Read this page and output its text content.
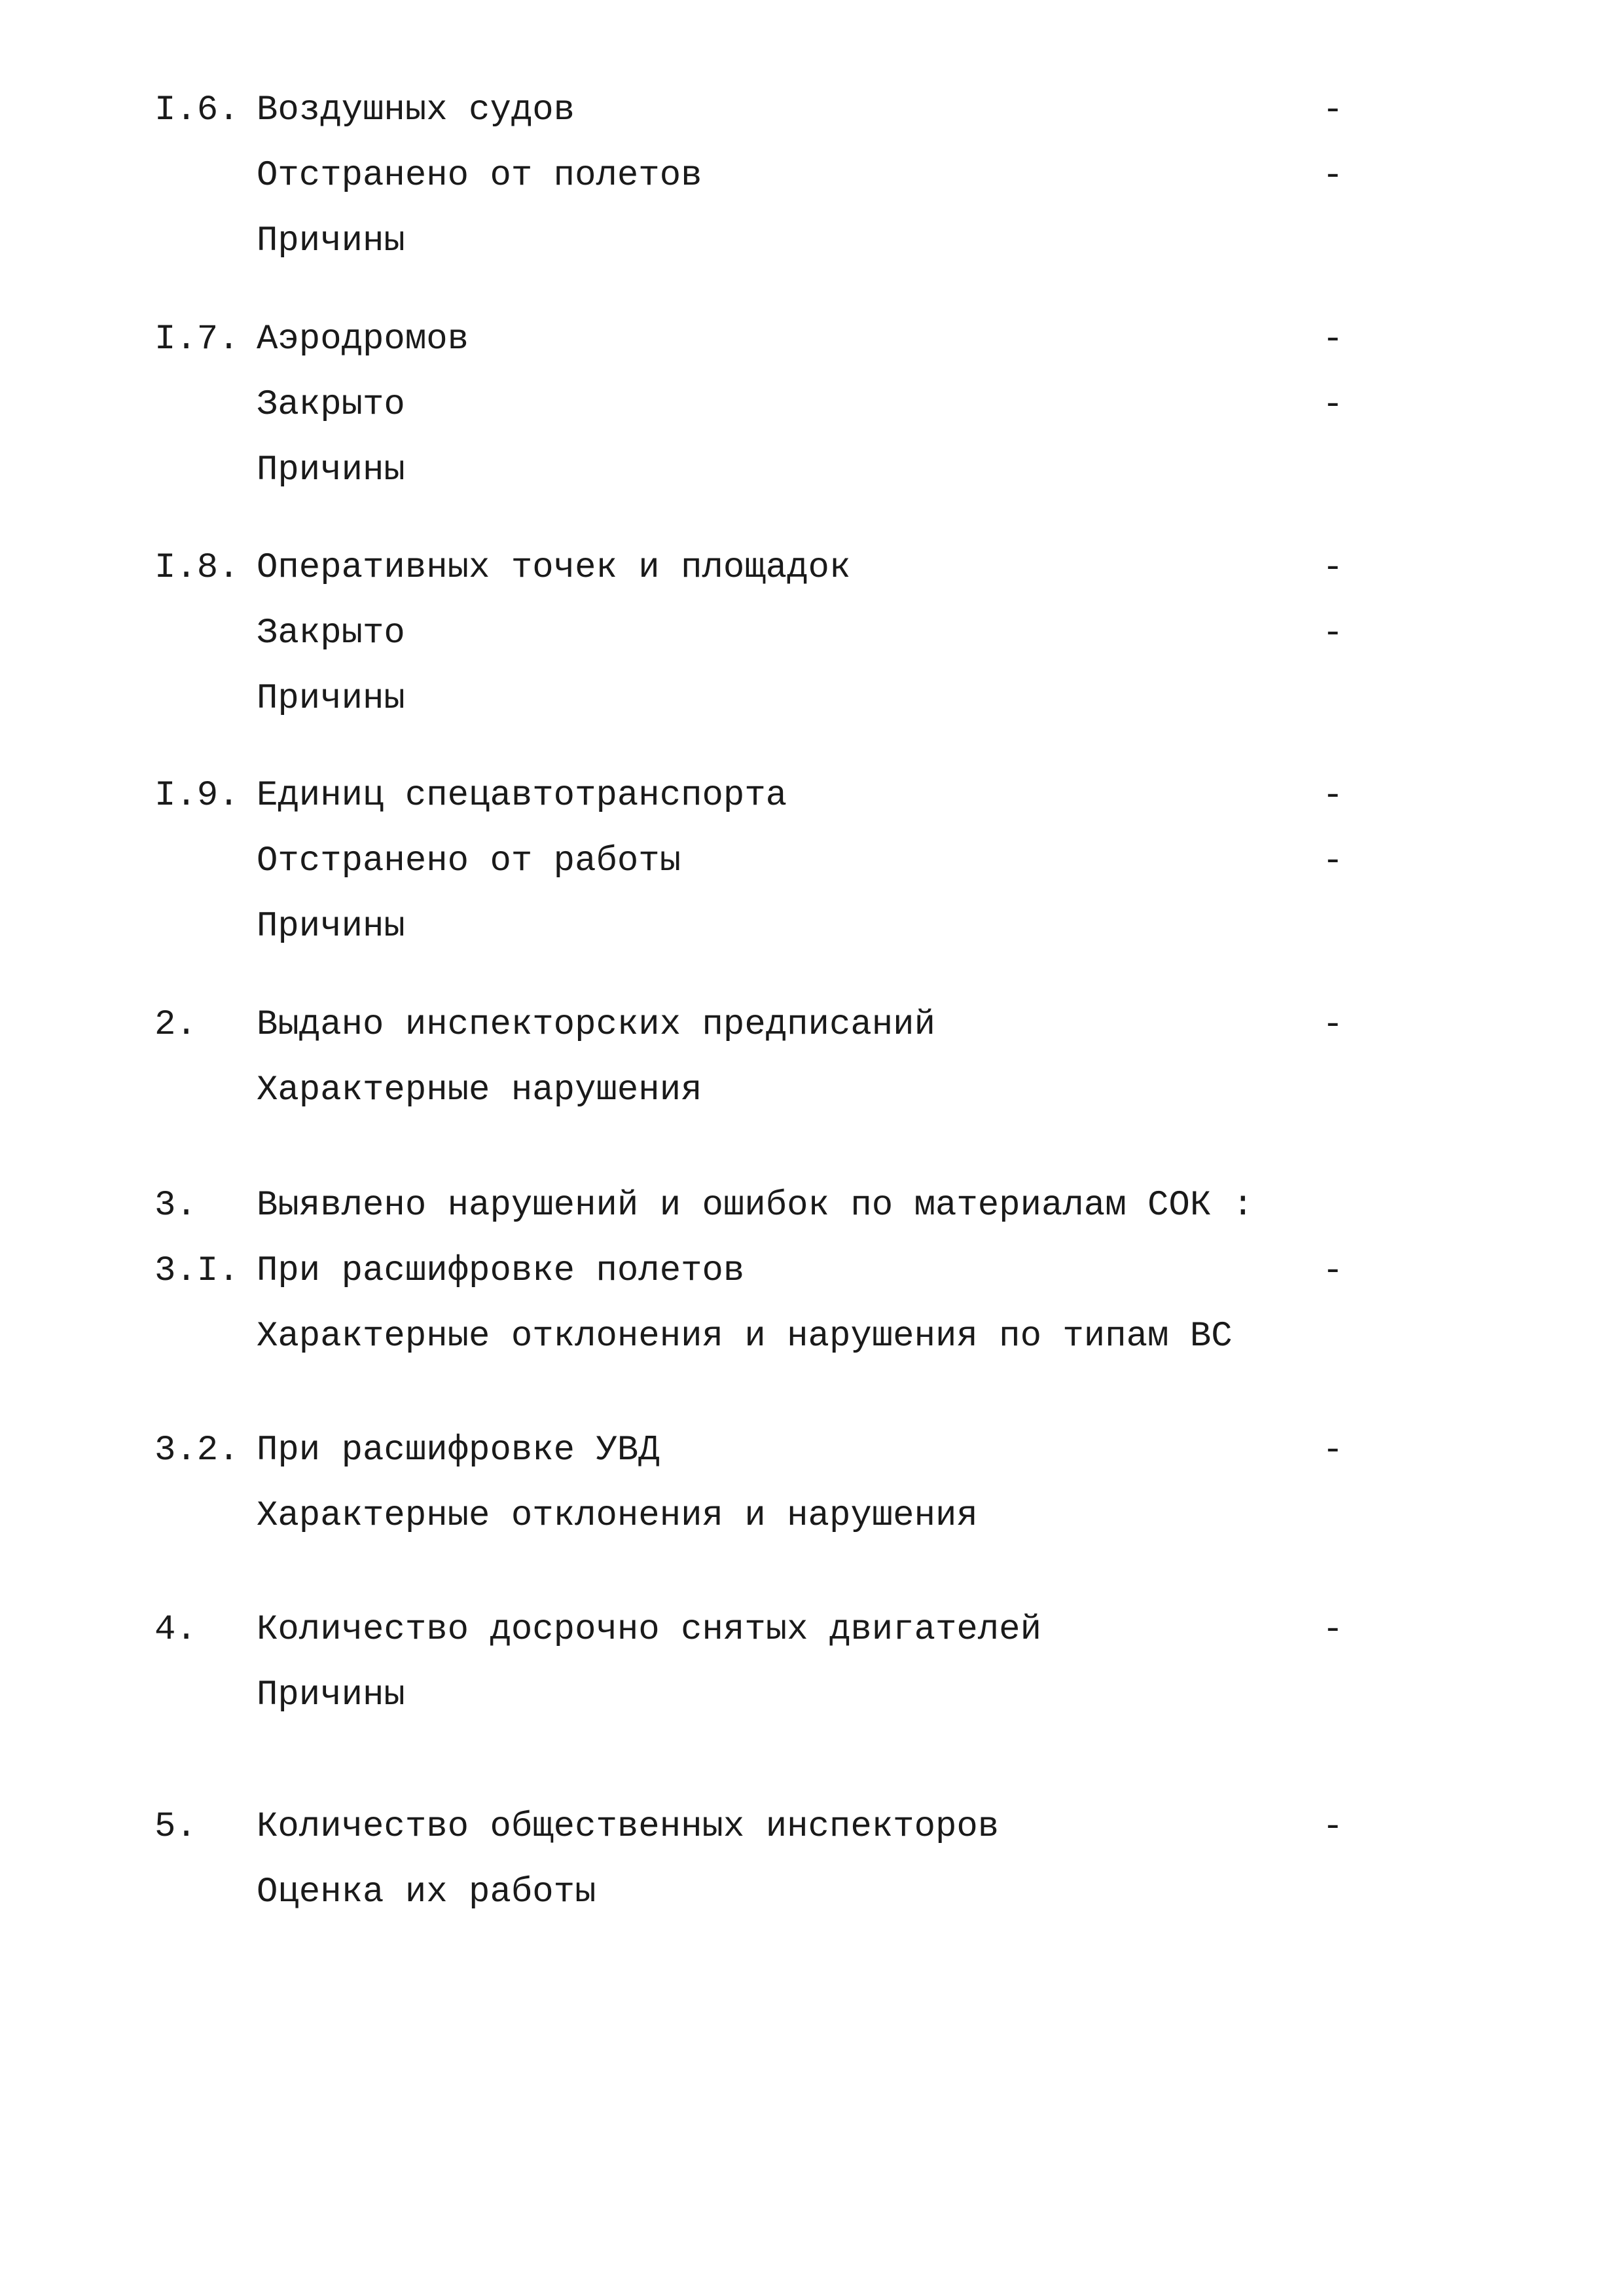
I.6. Воздушных судов	-
Отстранено от полетов	-
Причины
I.7. Аэродромов	-
Закрыто	-
Причины
I.8. Оперативных точек и площадок	-
Закрыто	-
Причины
I.9. Единиц спецавтотранспорта	-
Отстранено от работы	-
Причины
2. Выдано инспекторских предписаний	-
Характерные нарушения
3. Выявлено нарушений и ошибок по материалам СОК :
3.I. При расшифровке полетов	-
Характерные отклонения и нарушения по типам ВС
3.2. При расшифровке УВД	-
Характерные отклонения и нарушения
4. Количество досрочно снятых двигателей	-
Причины
5. Количество общественных инспекторов	-
Оценка их работы
